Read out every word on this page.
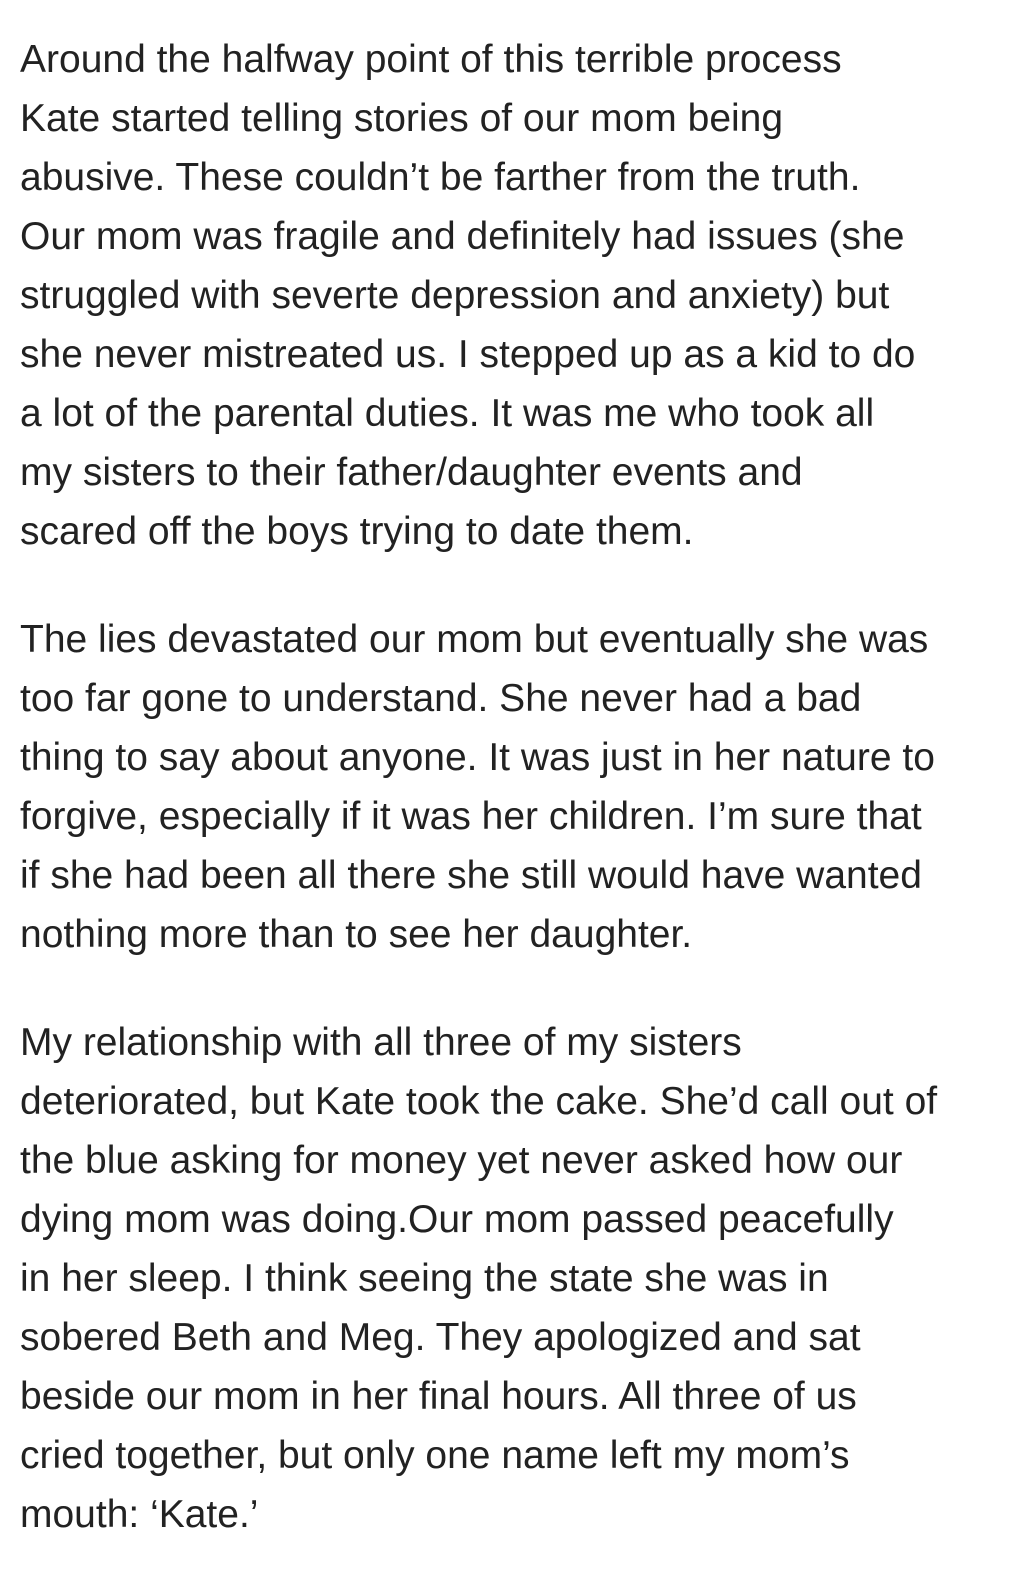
Around the halfway point of this terrible process
Kate started telling stories of our mom being
abusive. These couldn’t be farther from the truth.
Our mom was fragile and definitely had issues (she
struggled with severte depression and anxiety) but
she never mistreated us. I stepped up as a kid to do
a lot of the parental duties. It was me who took all
my sisters to their father/daughter events and
scared off the boys trying to date them.

The lies devastated our mom but eventually she was
too far gone to understand. She never had a bad
thing to say about anyone. It was just in her nature to
forgive, especially if it was her children. I’m sure that
if she had been all there she still would have wanted
nothing more than to see her daughter.

My relationship with all three of my sisters
deteriorated, but Kate took the cake. She’d call out of
the blue asking for money yet never asked how our
dying mom was doing.Our mom passed peacefully
in her sleep. I think seeing the state she was in
sobered Beth and Meg. They apologized and sat
beside our mom in her final hours. All three of us
cried together, but only one name left my mom’s
mouth: ‘Kate.’
